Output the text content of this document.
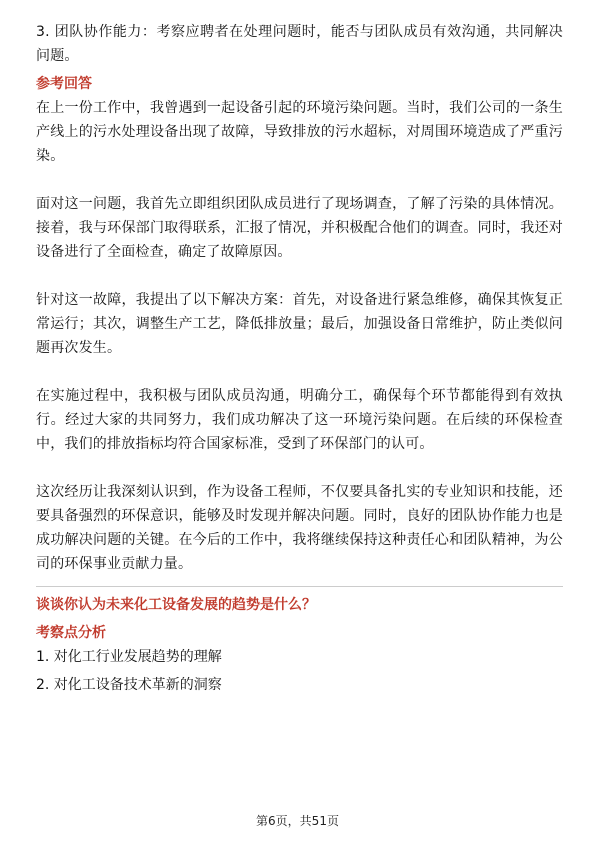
3. 团队协作能力：考察应聘者在处理问题时，能否与团队成员有效沟通，共同解决问题。

参考回答

在上一份工作中，我曾遇到一起设备引起的环境污染问题。当时，我们公司的一条生产线上的污水处理设备出现了故障，导致排放的污水超标，对周围环境造成了严重污染。

面对这一问题，我首先立即组织团队成员进行了现场调查，了解了污染的具体情况。接着，我与环保部门取得联系，汇报了情况，并积极配合他们的调查。同时，我还对设备进行了全面检查，确定了故障原因。

针对这一故障，我提出了以下解决方案：首先，对设备进行紧急维修，确保其恢复正常运行；其次，调整生产工艺，降低排放量；最后，加强设备日常维护，防止类似问题再次发生。

在实施过程中，我积极与团队成员沟通，明确分工，确保每个环节都能得到有效执行。经过大家的共同努力，我们成功解决了这一环境污染问题。在后续的环保检查中，我们的排放指标均符合国家标准，受到了环保部门的认可。

这次经历让我深刻认识到，作为设备工程师，不仅要具备扎实的专业知识和技能，还要具备强烈的环保意识，能够及时发现并解决问题。同时，良好的团队协作能力也是成功解决问题的关键。在今后的工作中，我将继续保持这种责任心和团队精神，为公司的环保事业贡献力量。

谈谈你认为未来化工设备发展的趋势是什么？

考察点分析

1. 对化工行业发展趋势的理解

2. 对化工设备技术革新的洞察

第6页，共51页
